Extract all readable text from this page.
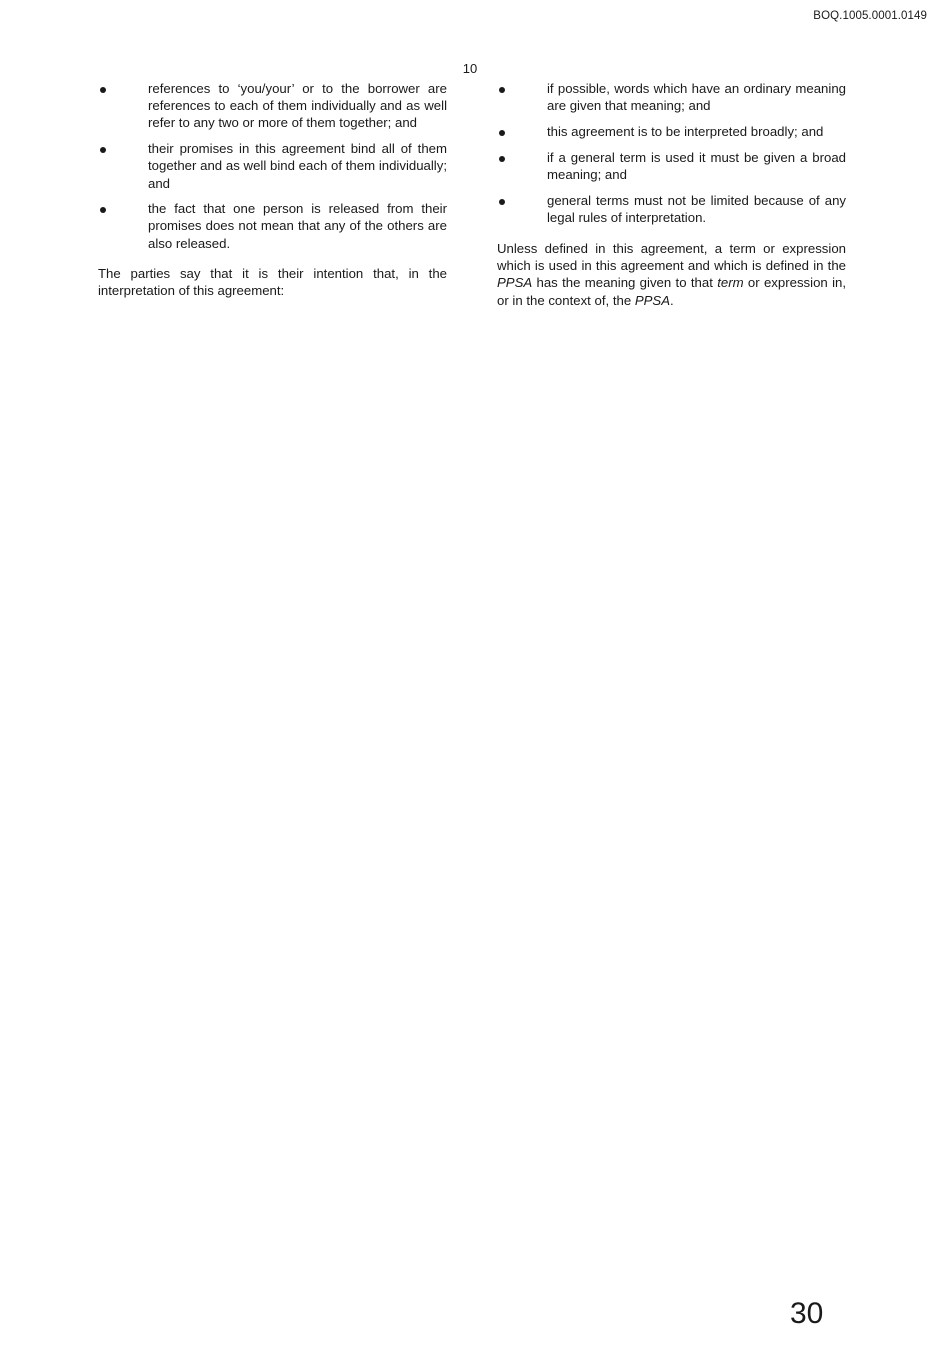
BOQ.1005.0001.0149
10
references to ‘you/your’ or to the borrower are references to each of them individually and as well refer to any two or more of them together; and
their promises in this agreement bind all of them together and as well bind each of them individually; and
the fact that one person is released from their promises does not mean that any of the others are also released.

The parties say that it is their intention that, in the interpretation of this agreement:

if possible, words which have an ordinary meaning are given that meaning; and
this agreement is to be interpreted broadly; and
if a general term is used it must be given a broad meaning; and
general terms must not be limited because of any legal rules of interpretation.

Unless defined in this agreement, a term or expression which is used in this agreement and which is defined in the PPSA has the meaning given to that term or expression in, or in the context of, the PPSA.

30
